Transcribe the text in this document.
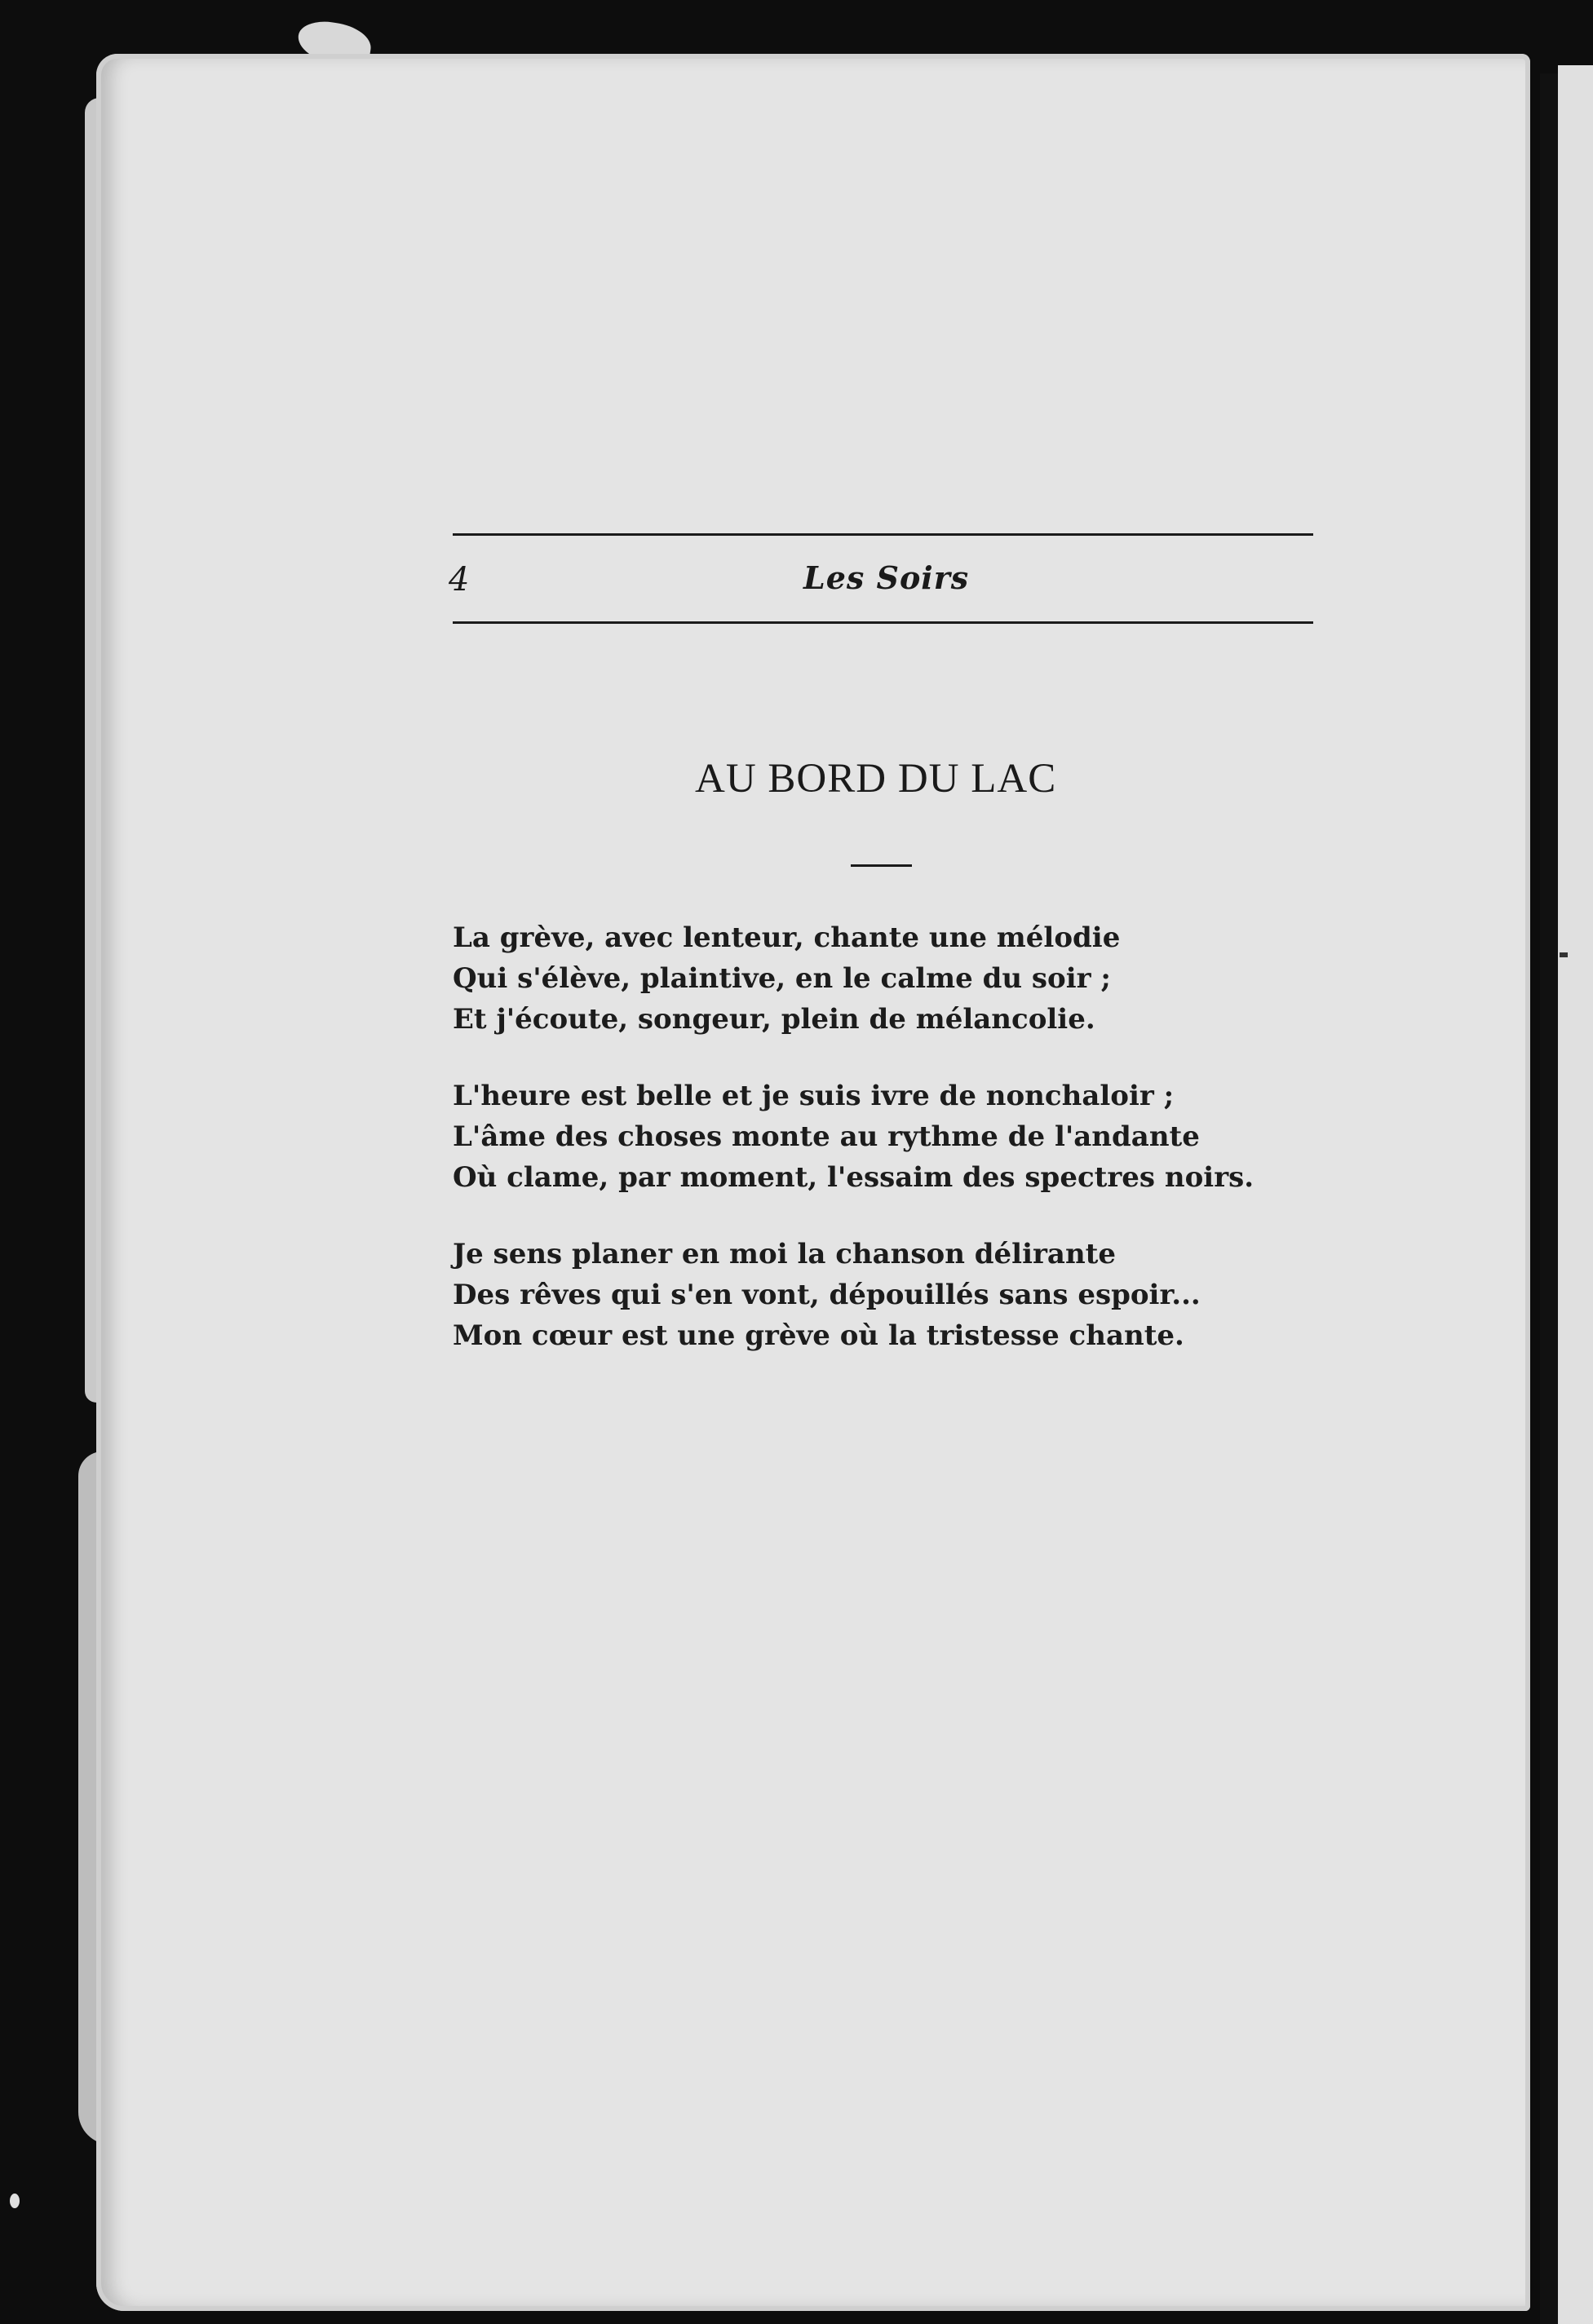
4	Les Soirs
AU BORD DU LAC
La grève, avec lenteur, chante une mélodie
Qui s'élève, plaintive, en le calme du soir ;
Et j'écoute, songeur, plein de mélancolie.
L'heure est belle et je suis ivre de nonchaloir ;
L'âme des choses monte au rythme de l'andante
Où clame, par moment, l'essaim des spectres noirs.
Je sens planer en moi la chanson délirante
Des rêves qui s'en vont, dépouillés sans espoir...
Mon cœur est une grève où la tristesse chante.
